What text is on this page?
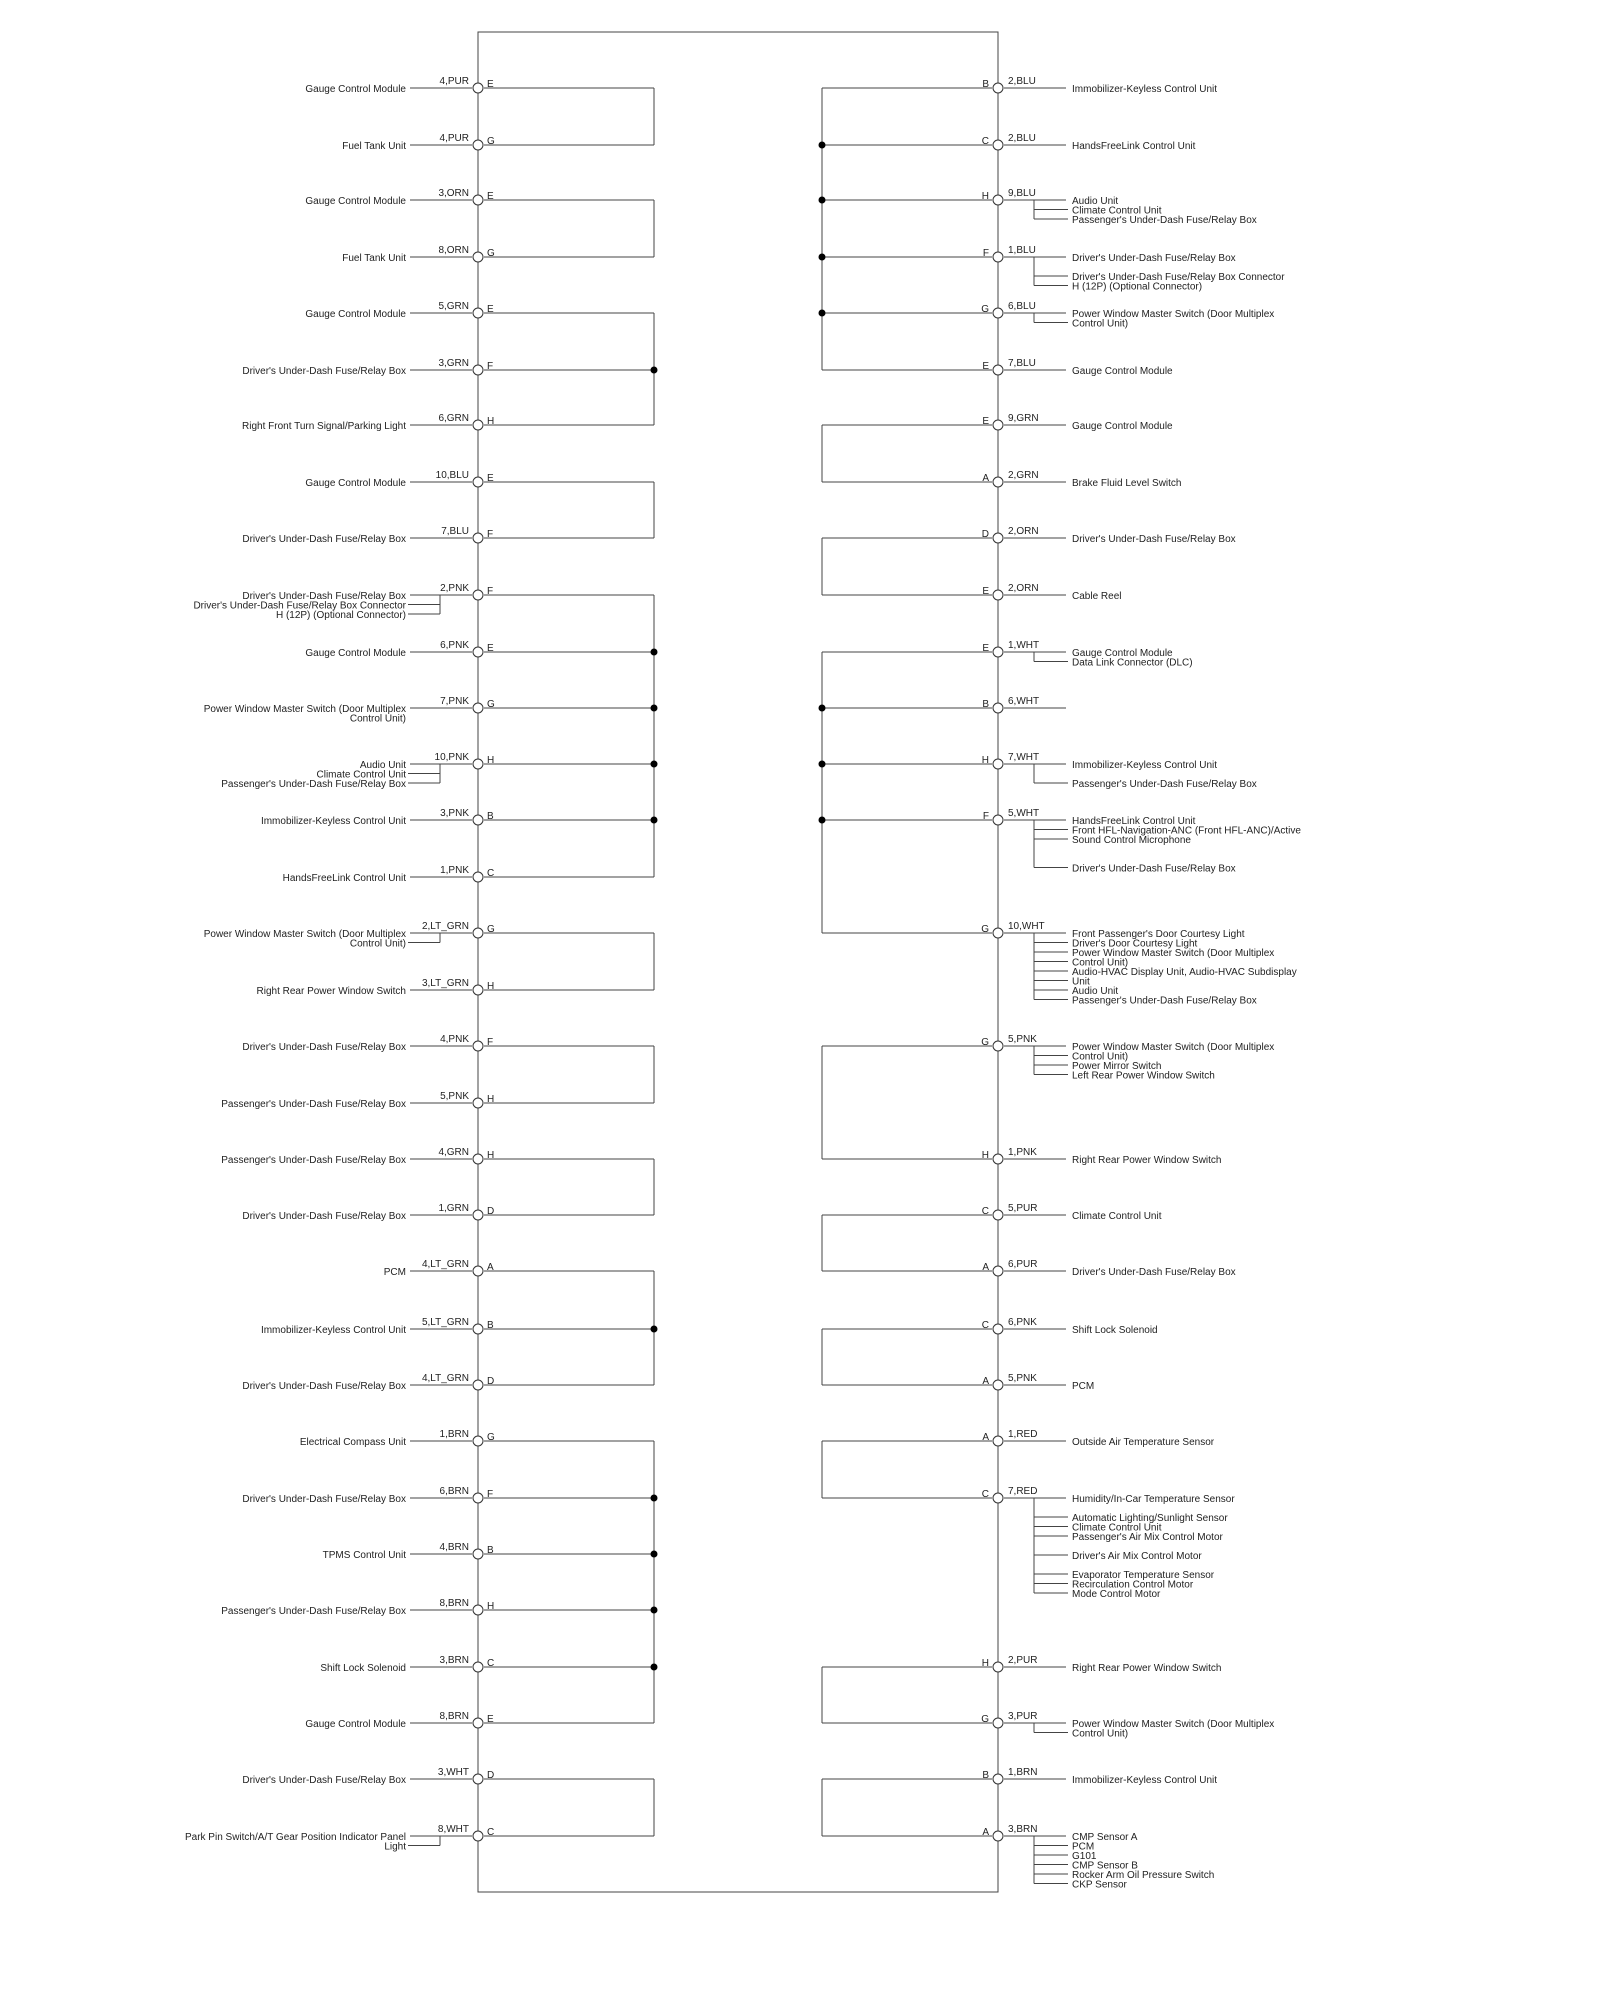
4,PUR E
Gauge Control Module
4,PUR G
Fuel Tank Unit
3,ORN E
Gauge Control Module
8,ORN G
Fuel Tank Unit
5,GRN E
Gauge Control Module
3,GRN F
Driver's Under-Dash Fuse/Relay Box
6,GRN H
Right Front Turn Signal/Parking Light
10,BLU E
Gauge Control Module
7,BLU F
Driver's Under-Dash Fuse/Relay Box
2,PNK F
Driver's Under-Dash Fuse/Relay Box
Driver's Under-Dash Fuse/Relay Box Connector
H (12P) (Optional Connector)
6,PNK E
Gauge Control Module
7,PNK G
Power Window Master Switch (Door Multiplex
Control Unit)
10,PNK H
Audio Unit
Climate Control Unit
Passenger's Under-Dash Fuse/Relay Box
3,PNK B
Immobilizer-Keyless Control Unit
1,PNK C
HandsFreeLink Control Unit
2,LT_GRN G
Power Window Master Switch (Door Multiplex
Control Unit)
3,LT_GRN H
Right Rear Power Window Switch
4,PNK F
Driver's Under-Dash Fuse/Relay Box
5,PNK H
Passenger's Under-Dash Fuse/Relay Box
4,GRN H
Passenger's Under-Dash Fuse/Relay Box
1,GRN D
Driver's Under-Dash Fuse/Relay Box
4,LT_GRN A
PCM
5,LT_GRN B
Immobilizer-Keyless Control Unit
4,LT_GRN D
Driver's Under-Dash Fuse/Relay Box
1,BRN G
Electrical Compass Unit
6,BRN F
Driver's Under-Dash Fuse/Relay Box
4,BRN B
TPMS Control Unit
8,BRN H
Passenger's Under-Dash Fuse/Relay Box
3,BRN C
Shift Lock Solenoid
8,BRN E
Gauge Control Module
3,WHT D
Driver's Under-Dash Fuse/Relay Box
8,WHT C
Park Pin Switch/A/T Gear Position Indicator Panel
Light
2,BLU
B	Immobilizer-Keyless Control Unit
2,BLU
C	HandsFreeLink Control Unit
9,BLU
H	Audio Unit
Climate Control Unit
Passenger's Under-Dash Fuse/Relay Box
1,BLU
F	Driver's Under-Dash Fuse/Relay Box
Driver's Under-Dash Fuse/Relay Box Connector
H (12P) (Optional Connector)
6,BLU
G	Power Window Master Switch (Door Multiplex
Control Unit)
7,BLU
E	Gauge Control Module
9,GRN
E	Gauge Control Module
2,GRN
A	Brake Fluid Level Switch
2,ORN
D	Driver's Under-Dash Fuse/Relay Box
2,ORN
E	Cable Reel
1,WHT
E	Gauge Control Module
Data Link Connector (DLC)
6,WHT
B
7,WHT
H	Immobilizer-Keyless Control Unit
Passenger's Under-Dash Fuse/Relay Box
5,WHT
F	HandsFreeLink Control Unit
Front HFL-Navigation-ANC (Front HFL-ANC)/Active
Sound Control Microphone
Driver's Under-Dash Fuse/Relay Box
10,WHT
G	Front Passenger's Door Courtesy Light
Driver's Door Courtesy Light
Power Window Master Switch (Door Multiplex
Control Unit)
Audio-HVAC Display Unit, Audio-HVAC Subdisplay
Unit
Audio Unit
Passenger's Under-Dash Fuse/Relay Box
5,PNK
G	Power Window Master Switch (Door Multiplex
Control Unit)
Power Mirror Switch
Left Rear Power Window Switch
1,PNK
H	Right Rear Power Window Switch
5,PUR
C	Climate Control Unit
6,PUR
A	Driver's Under-Dash Fuse/Relay Box
6,PNK
C	Shift Lock Solenoid
5,PNK
A	PCM
1,RED
A	Outside Air Temperature Sensor
7,RED
C	Humidity/In-Car Temperature Sensor
Automatic Lighting/Sunlight Sensor
Climate Control Unit
Passenger's Air Mix Control Motor
Driver's Air Mix Control Motor
Evaporator Temperature Sensor
Recirculation Control Motor
Mode Control Motor
2,PUR
H	Right Rear Power Window Switch
3,PUR
G	Power Window Master Switch (Door Multiplex
Control Unit)
1,BRN
B	Immobilizer-Keyless Control Unit
3,BRN
A	CMP Sensor A
PCM
G101
CMP Sensor B
Rocker Arm Oil Pressure Switch
CKP Sensor
